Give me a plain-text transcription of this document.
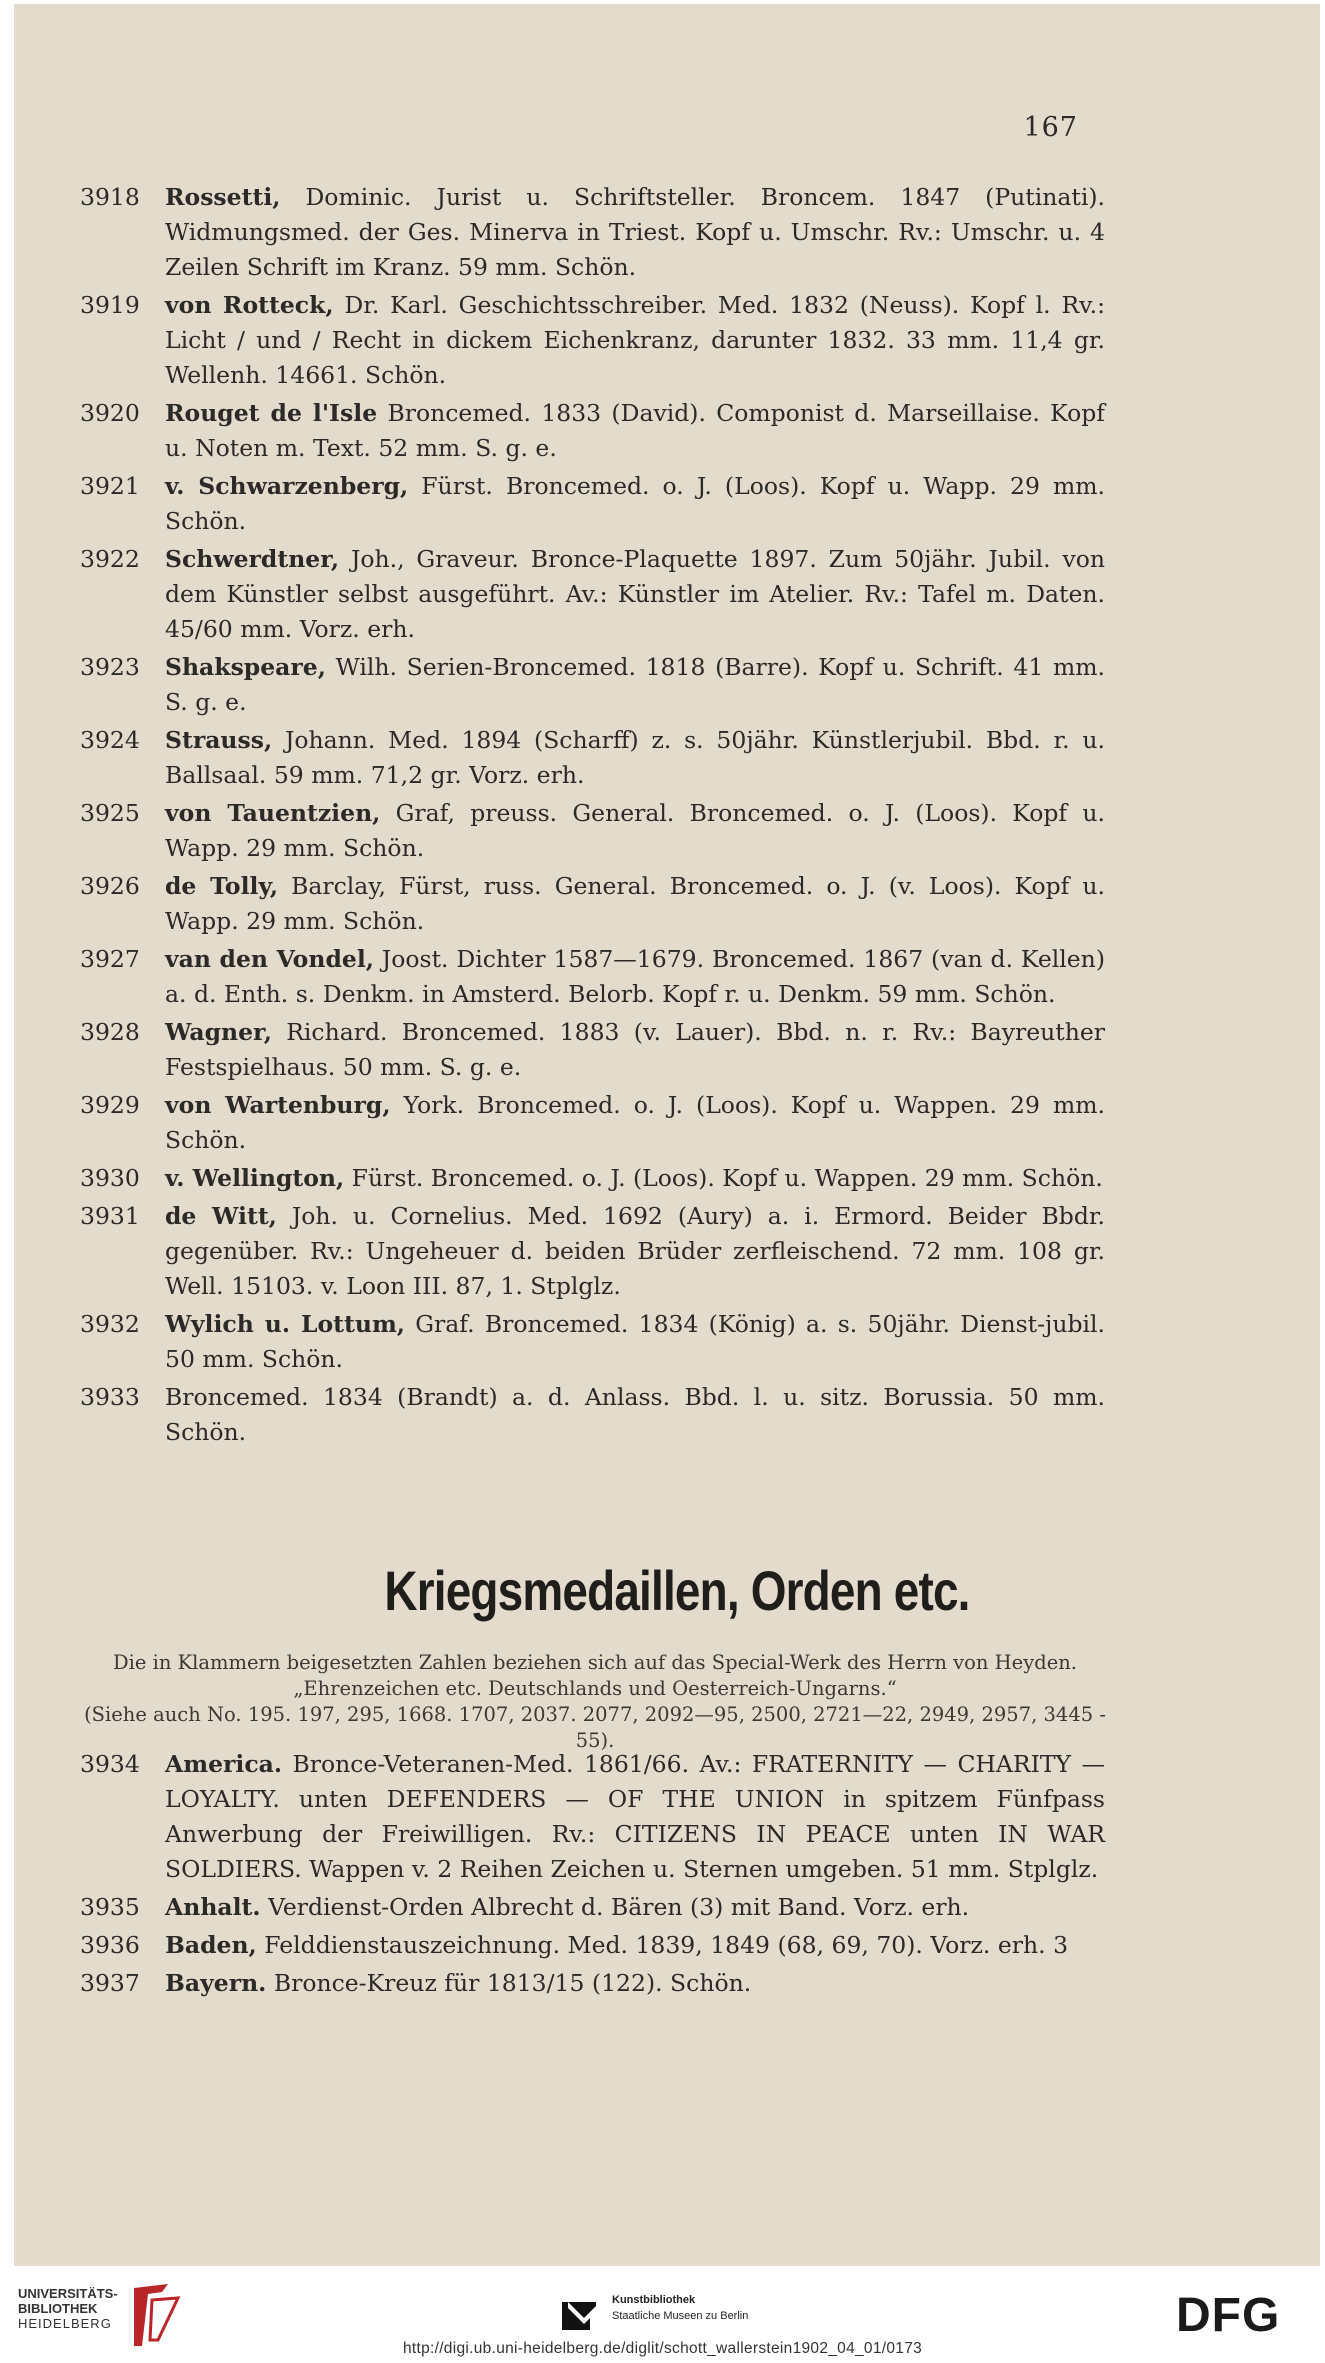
167
3918	Rossetti, Dominic. Jurist u. Schriftsteller. Broncem. 1847 (Putinati). Widmungsmed. der Ges. Minerva in Triest. Kopf u. Umschr. Rv.: Umschr. u. 4 Zeilen Schrift im Kranz. 59 mm. Schön.
3919	von Rotteck, Dr. Karl. Geschichtsschreiber. Med. 1832 (Neuss). Kopf l. Rv.: Licht / und / Recht in dickem Eichenkranz, darunter 1832. 33 mm. 11,4 gr. Wellenh. 14661. Schön.
3920	Rouget de l'Isle Broncemed. 1833 (David). Componist d. Marseillaise. Kopf u. Noten m. Text. 52 mm. S. g. e.
3921	v. Schwarzenberg, Fürst. Broncemed. o. J. (Loos). Kopf u. Wapp. 29 mm. Schön.
3922	Schwerdtner, Joh., Graveur. Bronce-Plaquette 1897. Zum 50jähr. Jubil. von dem Künstler selbst ausgeführt. Av.: Künstler im Atelier. Rv.: Tafel m. Daten. 45/60 mm. Vorz. erh.
3923	Shakspeare, Wilh. Serien-Broncemed. 1818 (Barre). Kopf u. Schrift. 41 mm. S. g. e.
3924	Strauss, Johann. Med. 1894 (Scharff) z. s. 50jähr. Künstlerjubil. Bbd. r. u. Ballsaal. 59 mm. 71,2 gr. Vorz. erh.
3925	von Tauentzien, Graf, preuss. General. Broncemed. o. J. (Loos). Kopf u. Wapp. 29 mm. Schön.
3926	de Tolly, Barclay, Fürst, russ. General. Broncemed. o. J. (v. Loos). Kopf u. Wapp. 29 mm. Schön.
3927	van den Vondel, Joost. Dichter 1587—1679. Broncemed. 1867 (van d. Kellen) a. d. Enth. s. Denkm. in Amsterd. Belorb. Kopf r. u. Denkm. 59 mm. Schön.
3928	Wagner, Richard. Broncemed. 1883 (v. Lauer). Bbd. n. r. Rv.: Bayreuther Festspielhaus. 50 mm. S. g. e.
3929	von Wartenburg, York. Broncemed. o. J. (Loos). Kopf u. Wappen. 29 mm. Schön.
3930	v. Wellington, Fürst. Broncemed. o. J. (Loos). Kopf u. Wappen. 29 mm. Schön.
3931	de Witt, Joh. u. Cornelius. Med. 1692 (Aury) a. i. Ermord. Beider Bbdr. gegenüber. Rv.: Ungeheuer d. beiden Brüder zerfleischend. 72 mm. 108 gr. Well. 15103. v. Loon III. 87, 1. Stplglz.
3932	Wylich u. Lottum, Graf. Broncemed. 1834 (König) a. s. 50jähr. Dienst-jubil. 50 mm. Schön.
3933	Broncemed. 1834 (Brandt) a. d. Anlass. Bbd. l. u. sitz. Borussia. 50 mm. Schön.
Kriegsmedaillen, Orden etc.

Die in Klammern beigesetzten Zahlen beziehen sich auf das Special-Werk des Herrn von Heyden. „Ehrenzeichen etc. Deutschlands und Oesterreich-Ungarns.“

(Siehe auch No. 195. 197, 295, 1668. 1707, 2037. 2077, 2092—95, 2500, 2721—22, 2949, 2957, 3445 - 55).

3934	America. Bronce-Veteranen-Med. 1861/66. Av.: FRATERNITY — CHARITY — LOYALTY. unten DEFENDERS — OF THE UNION in spitzem Fünfpass Anwerbung der Freiwilligen. Rv.: CITIZENS IN PEACE unten IN WAR SOLDIERS. Wappen v. 2 Reihen Zeichen u. Sternen umgeben. 51 mm. Stplglz.
3935	Anhalt. Verdienst-Orden Albrecht d. Bären (3) mit Band. Vorz. erh.
3936	Baden, Felddienstauszeichnung. Med. 1839, 1849 (68, 69, 70). Vorz. erh. 3
3937	Bayern. Bronce-Kreuz für 1813/15 (122). Schön.
UNIVERSITÄTS-
BIBLIOTHEK
HEIDELBERG
Kunstbibliothek
Staatliche Museen zu Berlin	DFG
http://digi.ub.uni-heidelberg.de/diglit/schott_wallerstein1902_04_01/0173
